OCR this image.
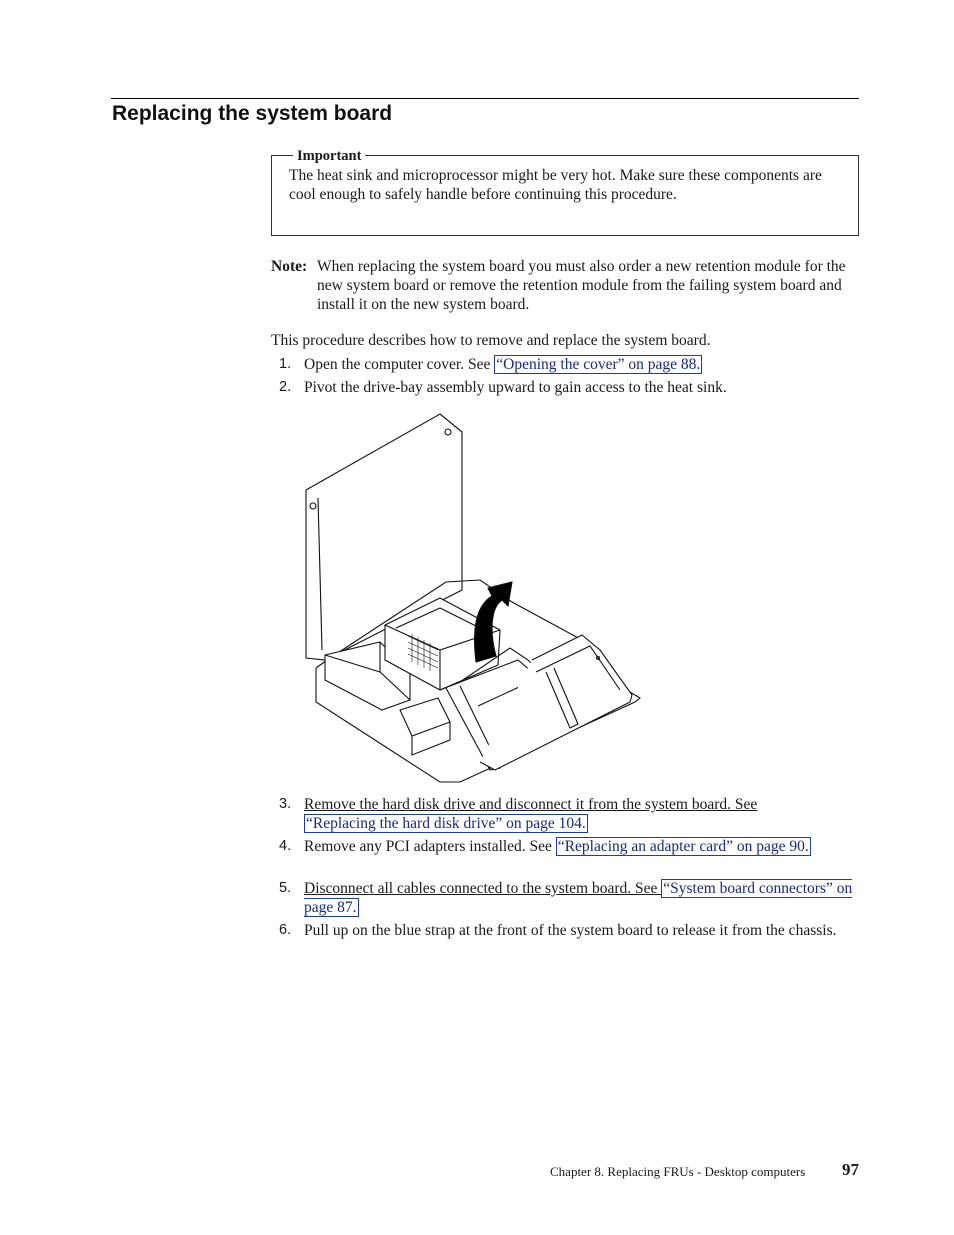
Replacing the system board
Important
The heat sink and microprocessor might be very hot. Make sure these components are cool enough to safely handle before continuing this procedure.
Note: When replacing the system board you must also order a new retention module for the new system board or remove the retention module from the failing system board and install it on the new system board.
This procedure describes how to remove and replace the system board.
1. Open the computer cover. See “Opening the cover” on page 88.
2. Pivot the drive-bay assembly upward to gain access to the heat sink.
3. Remove the hard disk drive and disconnect it from the system board. See
“Replacing the hard disk drive” on page 104.
4. Remove any PCI adapters installed. See “Replacing an adapter card” on page 90.
5. Disconnect all cables connected to the system board. See “System board connectors” on page 87.
6. Pull up on the blue strap at the front of the system board to release it from the chassis.
Chapter 8. Replacing FRUs - Desktop computers 97
